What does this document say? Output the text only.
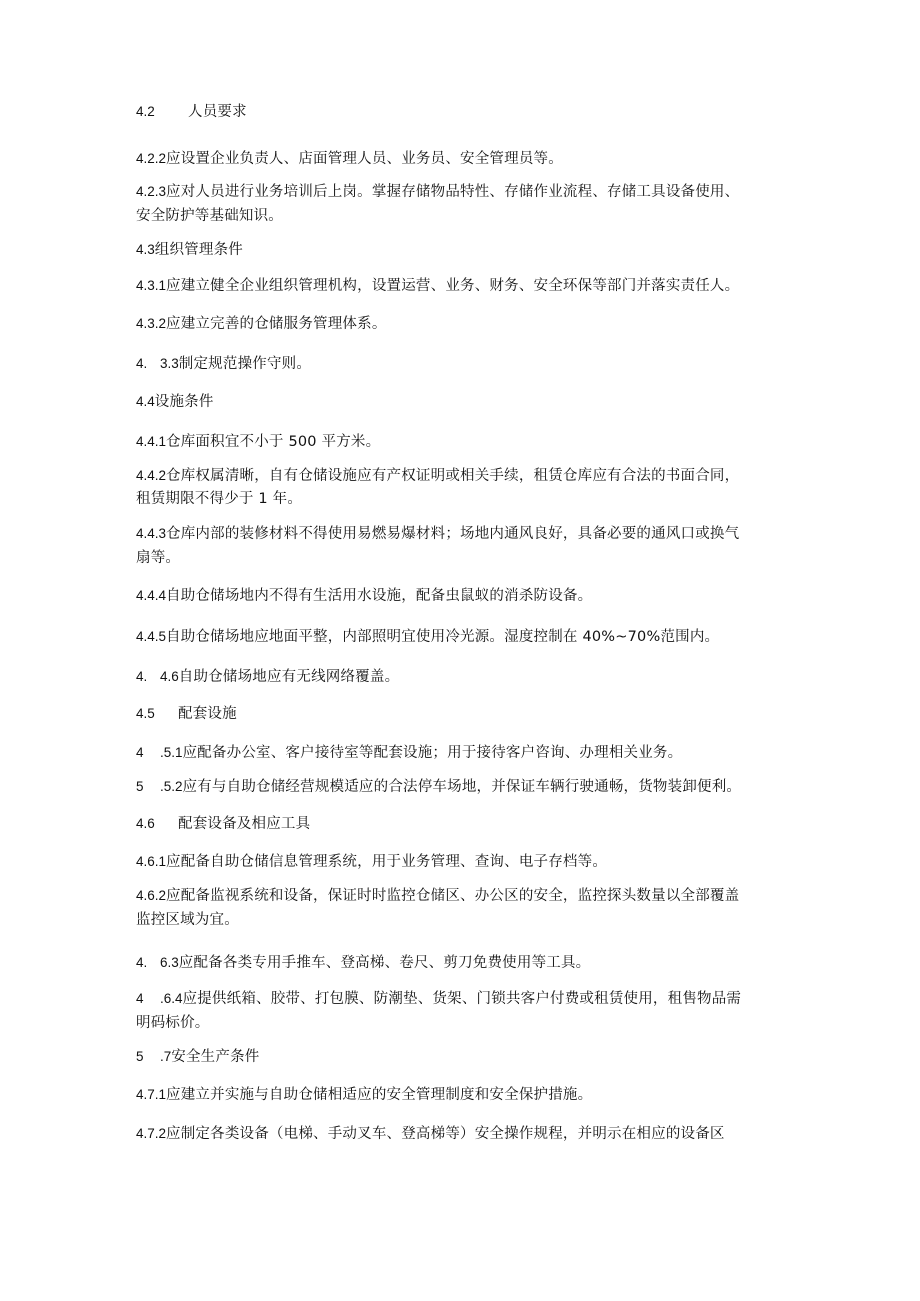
4.2 人员要求
4.2.2应设置企业负责人、店面管理人员、业务员、安全管理员等。
4.2.3应对人员进行业务培训后上岗。掌握存储物品特性、存储作业流程、存储工具设备使用、
安全防护等基础知识。
4.3组织管理条件
4.3.1应建立健全企业组织管理机构，设置运营、业务、财务、安全环保等部门并落实责任人。
4.3.2应建立完善的仓储服务管理体系。
4. 3.3制定规范操作守则。
4.4设施条件
4.4.1仓库面积宜不小于 500 平方米。
4.4.2仓库权属清晰，自有仓储设施应有产权证明或相关手续，租赁仓库应有合法的书面合同，
租赁期限不得少于 1 年。
4.4.3仓库内部的装修材料不得使用易燃易爆材料；场地内通风良好，具备必要的通风口或换气
扇等。
4.4.4自助仓储场地内不得有生活用水设施，配备虫鼠蚁的消杀防设备。
4.4.5自助仓储场地应地面平整，内部照明宜使用冷光源。湿度控制在 40%~70%范围内。
4. 4.6自助仓储场地应有无线网络覆盖。
4.5 配套设施
4 .5.1应配备办公室、客户接待室等配套设施；用于接待客户咨询、办理相关业务。
5 .5.2应有与自助仓储经营规模适应的合法停车场地，并保证车辆行驶通畅，货物装卸便利。
4.6 配套设备及相应工具
4.6.1应配备自助仓储信息管理系统，用于业务管理、查询、电子存档等。
4.6.2应配备监视系统和设备，保证时时监控仓储区、办公区的安全，监控探头数量以全部覆盖
监控区域为宜。
4. 6.3应配备各类专用手推车、登高梯、卷尺、剪刀免费使用等工具。
4 .6.4应提供纸箱、胶带、打包膜、防潮垫、货架、门锁共客户付费或租赁使用，租售物品需
明码标价。
5 .7安全生产条件
4.7.1应建立并实施与自助仓储相适应的安全管理制度和安全保护措施。
4.7.2应制定各类设备（电梯、手动叉车、登高梯等）安全操作规程，并明示在相应的设备区
